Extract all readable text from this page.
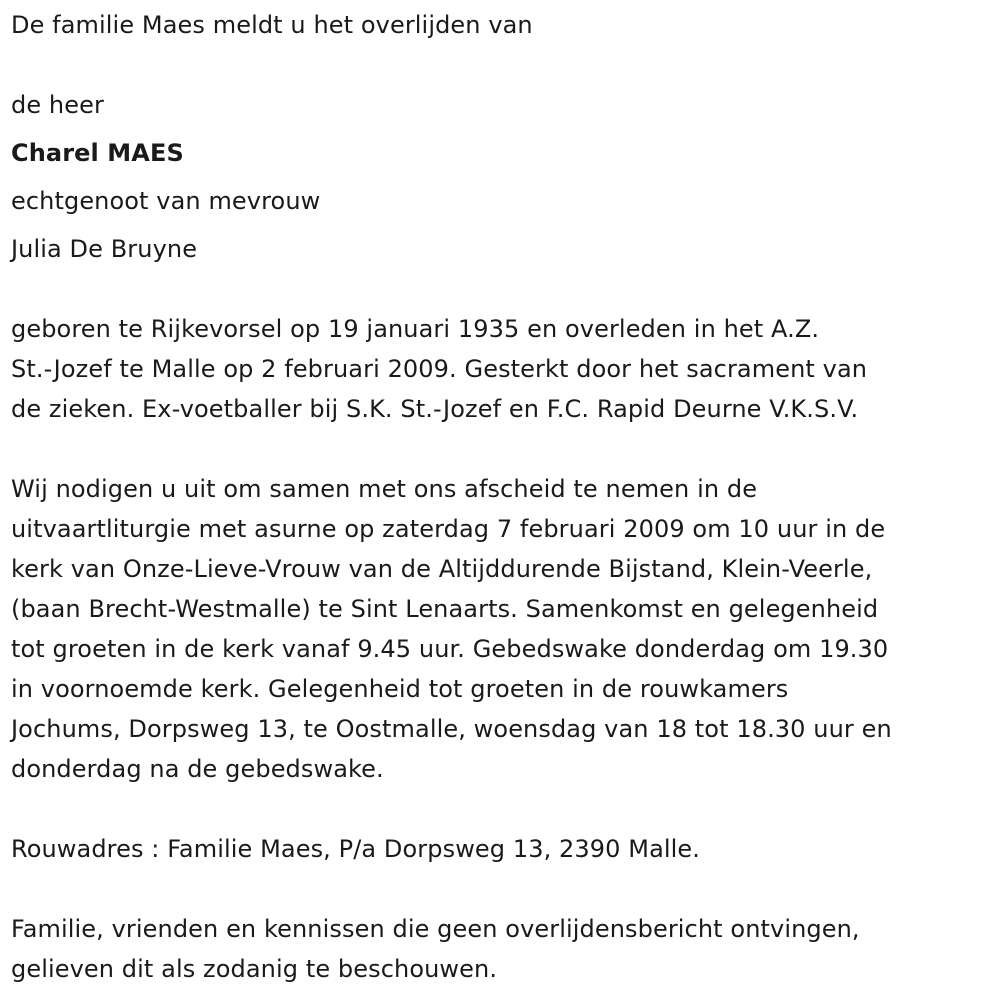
De familie Maes meldt u het overlijden van

de heer

Charel MAES

echtgenoot van mevrouw

Julia De Bruyne

geboren te Rijkevorsel op 19 januari 1935 en overleden in het A.Z.

St.-Jozef te Malle op 2 februari 2009. Gesterkt door het sacrament van

de zieken. Ex-voetballer bij S.K. St.-Jozef en F.C. Rapid Deurne V.K.S.V.

Wij nodigen u uit om samen met ons afscheid te nemen in de

uitvaartliturgie met asurne op zaterdag 7 februari 2009 om 10 uur in de

kerk van Onze-Lieve-Vrouw van de Altijddurende Bijstand, Klein-Veerle,

(baan Brecht-Westmalle) te Sint Lenaarts. Samenkomst en gelegenheid

tot groeten in de kerk vanaf 9.45 uur. Gebedswake donderdag om 19.30

in voornoemde kerk. Gelegenheid tot groeten in de rouwkamers

Jochums, Dorpsweg 13, te Oostmalle, woensdag van 18 tot 18.30 uur en

donderdag na de gebedswake.

Rouwadres : Familie Maes, P/a Dorpsweg 13, 2390 Malle.

Familie, vrienden en kennissen die geen overlijdensbericht ontvingen,

gelieven dit als zodanig te beschouwen.
